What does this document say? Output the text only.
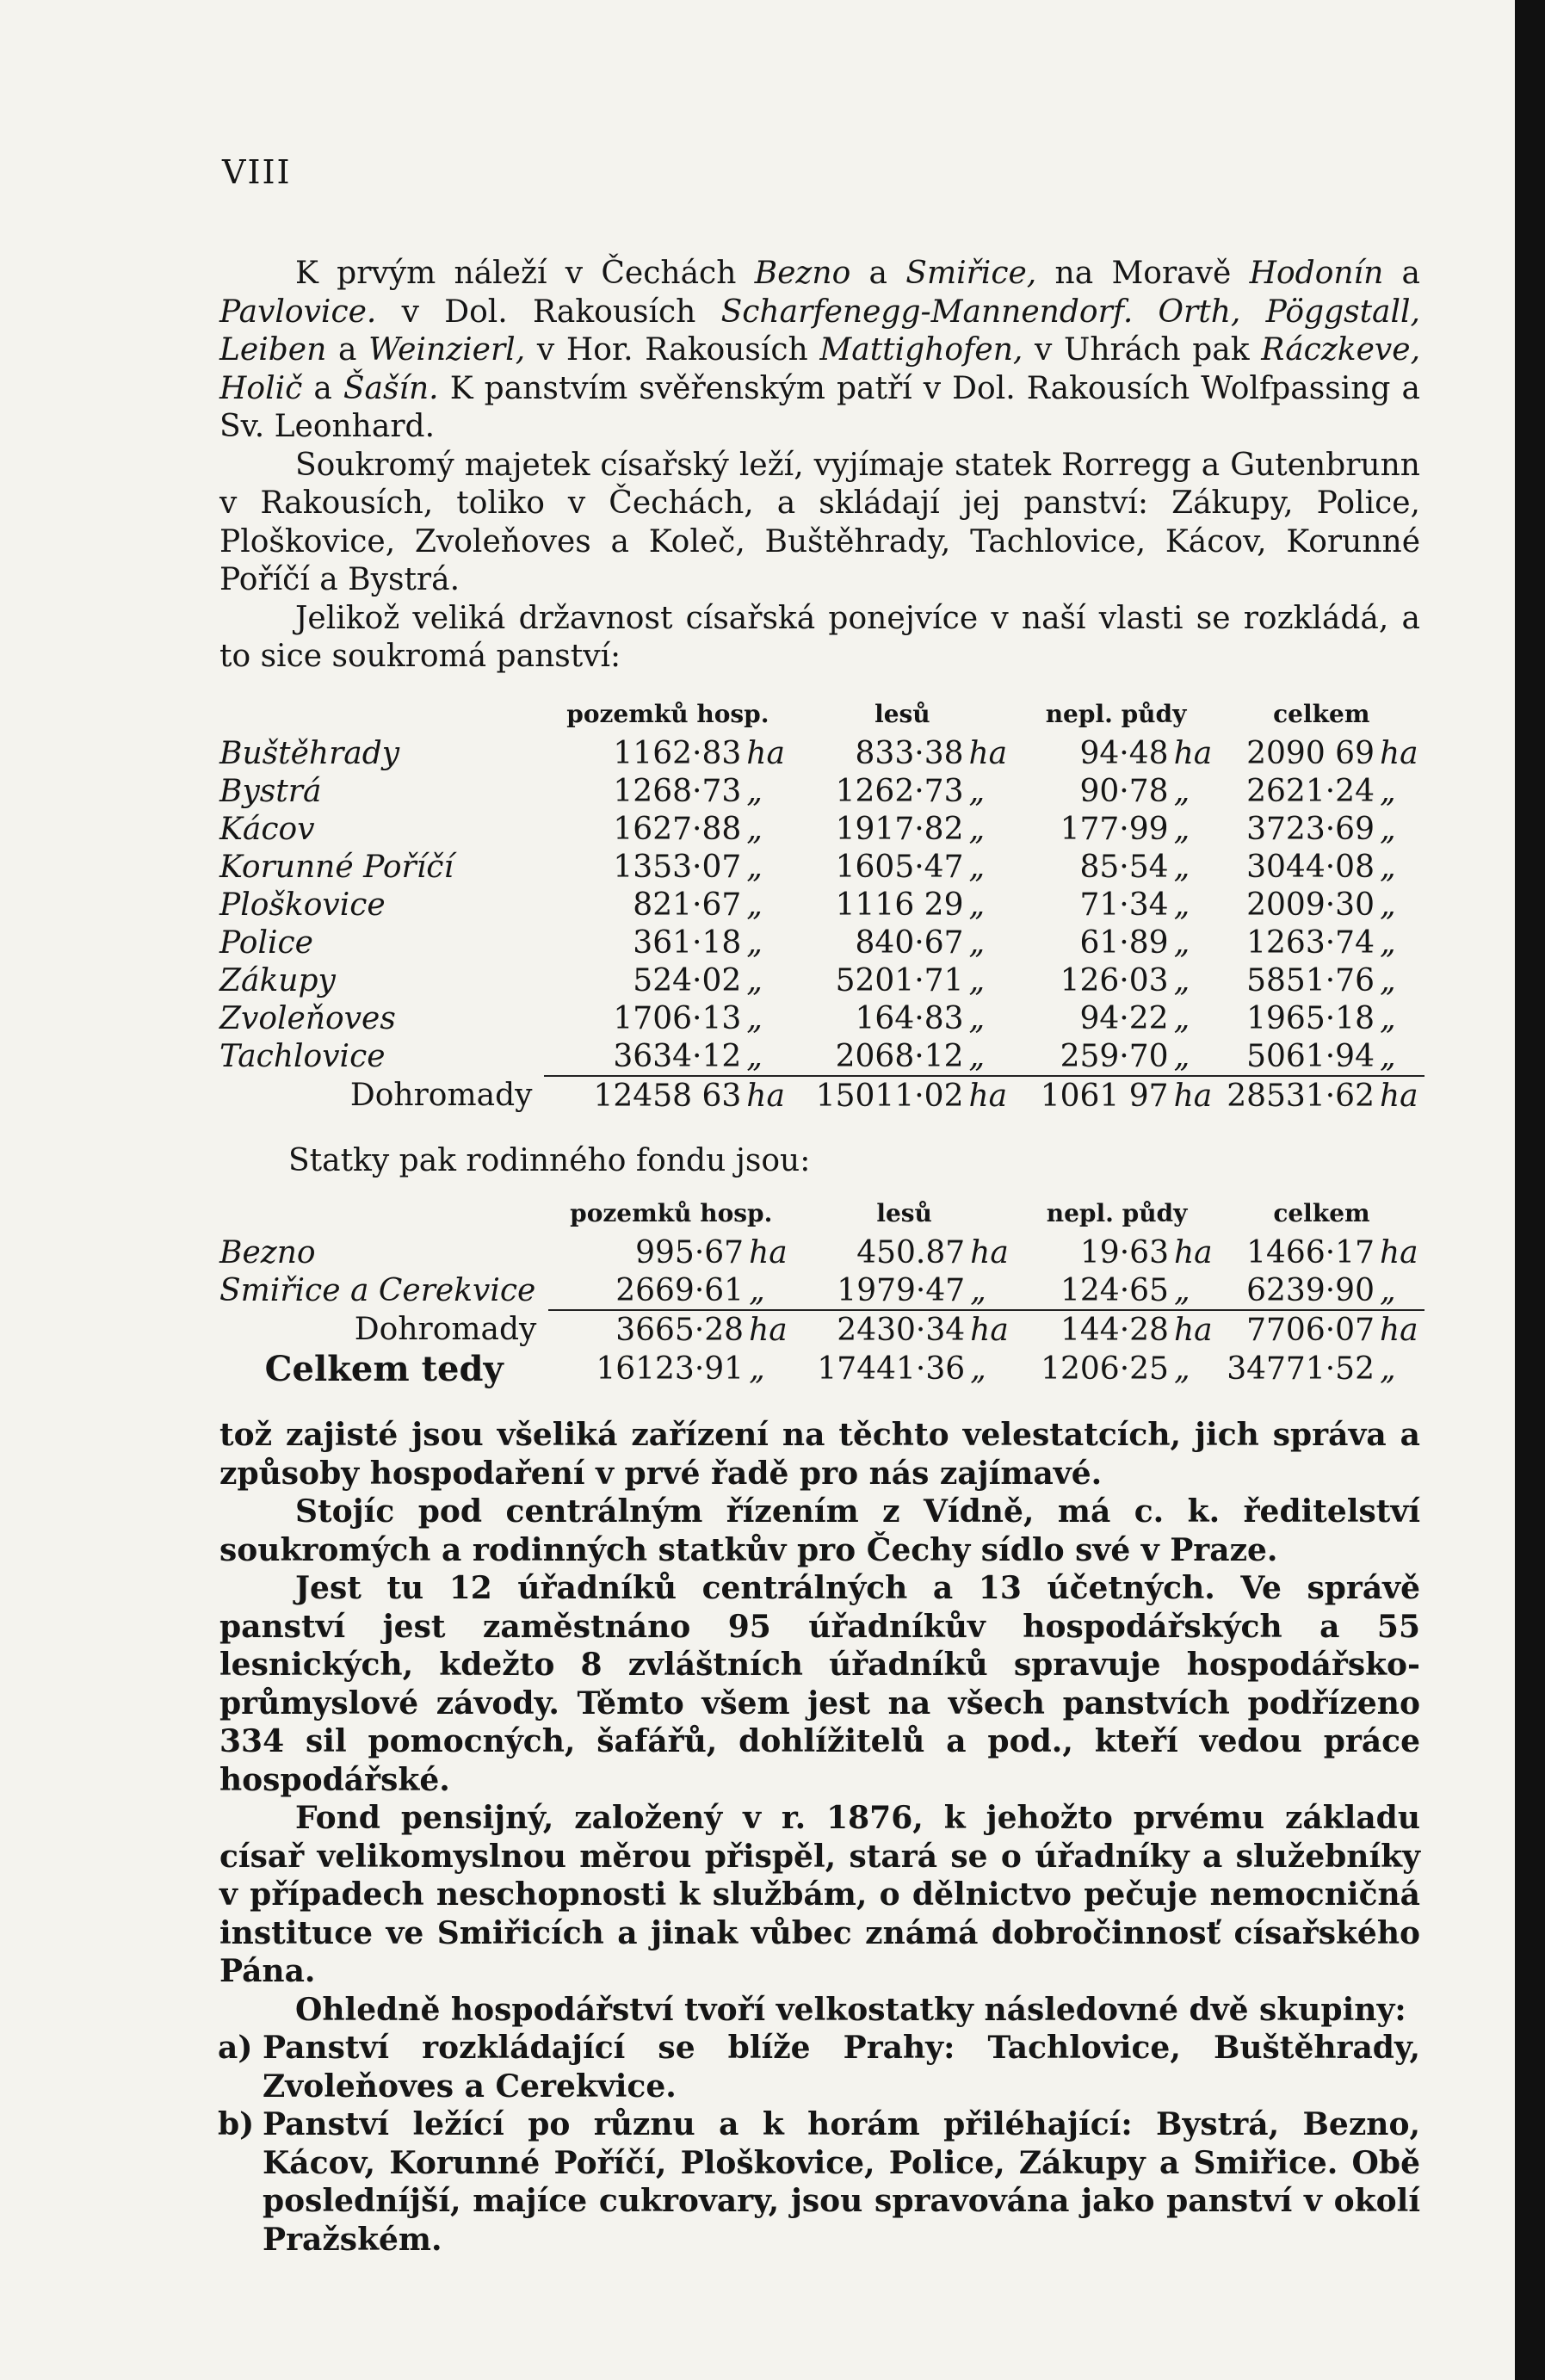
VIII

K prvým náleží v Čechách Bezno a Smiřice, na Moravě Hodonín a Pavlovice. v Dol. Rakousích Scharfenegg-Mannendorf. Orth, Pöggstall, Leiben a Weinzierl, v Hor. Rakousích Mattighofen, v Uhrách pak Ráczkeve, Holič a Šašín. K panstvím svěřenským patří v Dol. Rakousích Wolfpassing a Sv. Leonhard.

Soukromý majetek císařský leží, vyjímaje statek Rorregg a Gutenbrunn v Rakousích, toliko v Čechách, a skládají jej panství: Zákupy, Police, Ploškovice, Zvoleňoves a Koleč, Buštěhrady, Tachlovice, Kácov, Korunné Poříčí a Bystrá.

Jelikož veliká državnost císařská ponejvíce v naší vlasti se rozkládá, a to sice soukromá panství:

	pozemků hosp.	lesů	nepl. půdy	celkem
Buštěhrady	1162·83 ha	833·38 ha	94·48 ha	2090 69 ha
Bystrá	1268·73 „	1262·73 „	90·78 „	2621·24 „
Kácov	1627·88 „	1917·82 „	177·99 „	3723·69 „
Korunné Poříčí	1353·07 „	1605·47 „	85·54 „	3044·08 „
Ploškovice	821·67 „	1116 29 „	71·34 „	2009·30 „
Police	361·18 „	840·67 „	61·89 „	1263·74 „
Zákupy	524·02 „	5201·71 „	126·03 „	5851·76 „
Zvoleňoves	1706·13 „	164·83 „	94·22 „	1965·18 „
Tachlovice	3634·12 „	2068·12 „	259·70 „	5061·94 „
Dohromady	12458 63 ha	15011·02 ha	1061 97 ha	28531·62 ha
Statky pak rodinného fondu jsou:
	pozemků hosp.	lesů	nepl. půdy	celkem
Bezno	995·67 ha	450.87 ha	19·63 ha	1466·17 ha
Smiřice a Cerekvice	2669·61 „	1979·47 „	124·65 „	6239·90 „
Dohromady	3665·28 ha	2430·34 ha	144·28 ha	7706·07 ha
Celkem tedy	16123·91 „	17441·36 „	1206·25 „	34771·52 „

tož zajisté jsou všeliká zařízení na těchto velestatcích, jich správa a způsoby hospodaření v prvé řadě pro nás zajímavé.

Stojíc pod centrálným řízením z Vídně, má c. k. ředitelství soukromých a rodinných statkův pro Čechy sídlo své v Praze.

Jest tu 12 úřadníků centrálných a 13 účetných. Ve správě panství jest zaměstnáno 95 úřadníkův hospodářských a 55 lesnických, kdežto 8 zvláštních úřadníků spravuje hospodářsko-průmyslové závody. Těmto všem jest na všech panstvích podřízeno 334 sil pomocných, šafářů, dohlížitelů a pod., kteří vedou práce hospodářské.

Fond pensijný, založený v r. 1876, k jehožto prvému základu císař velikomyslnou měrou přispěl, stará se o úřadníky a služebníky v případech neschopnosti k službám, o dělnictvo pečuje nemocničná instituce ve Smiřicích a jinak vůbec známá dobročinnosť císařského Pána.

Ohledně hospodářství tvoří velkostatky následovné dvě skupiny:

a) Panství rozkládající se blíže Prahy: Tachlovice, Buštěhrady, Zvoleňoves a Cerekvice.
b) Panství ležící po různu a k horám přiléhající: Bystrá, Bezno, Kácov, Korunné Poříčí, Ploškovice, Police, Zákupy a Smiřice. Obě posledníjší, majíce cukrovary, jsou spravována jako panství v okolí Pražském.
